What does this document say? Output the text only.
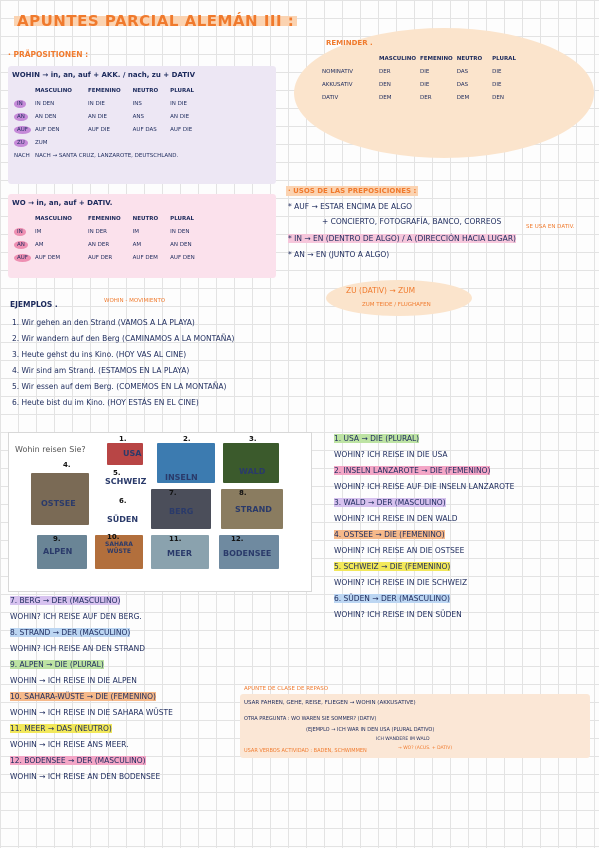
APUNTES PARCIAL ALEMÁN III :
REMINDER .
	MASCULINO	FEMENINO	NEUTRO	PLURAL
NOMINATIV	DER	DIE	DAS	DIE
AKKUSATIV	DEN	DIE	DAS	DIE
DATIV	DEM	DER	DEM	DEN
· PRÄPOSITIONEN :
WOHIN → in, an, auf + AKK. / nach, zu + DATIV
	MASCULINO	FEMENINO	NEUTRO	PLURAL
IN	IN DEN	IN DIE	INS	IN DIE
AN	AN DEN	AN DIE	ANS	AN DIE
AUF	AUF DEN	AUF DIE	AUF DAS	AUF DIE
ZU	ZUM			
NACH	NACH → SANTA CRUZ, LANZAROTE, DEUTSCHLAND.			
WO → in, an, auf + DATIV.
	MASCULINO	FEMENINO	NEUTRO	PLURAL
IN	IM	IN DER	IM	IN DEN
AN	AM	AN DER	AM	AN DEN
AUF	AUF DEM	AUF DER	AUF DEM	AUF DEN
· USOS DE LAS PREPOSICIONES :
* AUF → ESTAR ENCIMA DE ALGO
+ CONCIERTO, FOTOGRAFÍA, BANCO, CORREOS
* IN → EN (DENTRO DE ALGO) / A (DIRECCIÓN HACIA LUGAR)
SE USA EN DATIV.
* AN → EN (JUNTO A ALGO)
ZU (DATIV) → ZUM
ZUM TEIDE / FLUGHAFEN
EJEMPLOS .	WOHIN - MOVIMIENTO
1. Wir gehen an den Strand (VAMOS A LA PLAYA)
2. Wir wandern auf den Berg (CAMINAMOS A LA MONTAÑA)
3. Heute gehst du ins Kino. (HOY VAS AL CINE)
4. Wir sind am Strand. (ESTAMOS EN LA PLAYA)
5. Wir essen auf dem Berg. (COMEMOS EN LA MONTAÑA)
6. Heute bist du im Kino. (HOY ESTÁS EN EL CINE)
Wohin reisen Sie?	USA
INSELN
WALD
OSTSEE
SCHWEIZ
SÜDEN
BERG	STRAND
ALPEN
SAHARA WÜSTE	MEER	BODENSEE
1.	2.	3.
4.
5.
6.
7.	8.
9.	10.	11.	12.
1. USA → DIE (PLURAL)
WOHIN? ICH REISE IN DIE USA
2. INSELN LANZAROTE → DIE (FEMENINO)
WOHIN? ICH REISE AUF DIE INSELN LANZAROTE
3. WALD → DER (MASCULINO)
WOHIN? ICH REISE IN DEN WALD
4. OSTSEE → DIE (FEMENINO)
WOHIN? ICH REISE AN DIE OSTSEE
5. SCHWEIZ → DIE (FEMENINO)
WOHIN? ICH REISE IN DIE SCHWEIZ
6. SÜDEN → DER (MASCULINO)
WOHIN? ICH REISE IN DEN SÜDEN
7. BERG → DER (MASCULINO)
WOHIN? ICH REISE AUF DEN BERG.
8. STRAND → DER (MASCULINO)
WOHIN? ICH REISE AN DEN STRAND
9. ALPEN → DIE (PLURAL)
WOHIN → ICH REISE IN DIE ALPEN
10. SAHARA-WÜSTE → DIE (FEMENINO)
WOHIN → ICH REISE IN DIE SAHARA WÜSTE
11. MEER → DAS (NEUTRO)
WOHIN → ICH REISE ANS MEER.
12. BODENSEE → DER (MASCULINO)
WOHIN → ICH REISE AN DEN BODENSEE
APUNTE DE CLASE DE REPASO
USAR FAHREN, GEHE, REISE, FLIEGEN → WOHIN (AKKUSATIVE)
OTRA PREGUNTA : WO WAREN SIE SOMMER? (DATIV)
(EJEMPLO → ICH WAR IN DEN USA (PLURAL DATIVO)
ICH WANDERE IM WALD
USAR VERBOS ACTIVIDAD : BADEN, SCHWIMMEN	→ WO? (ACUS. + DATIV)
